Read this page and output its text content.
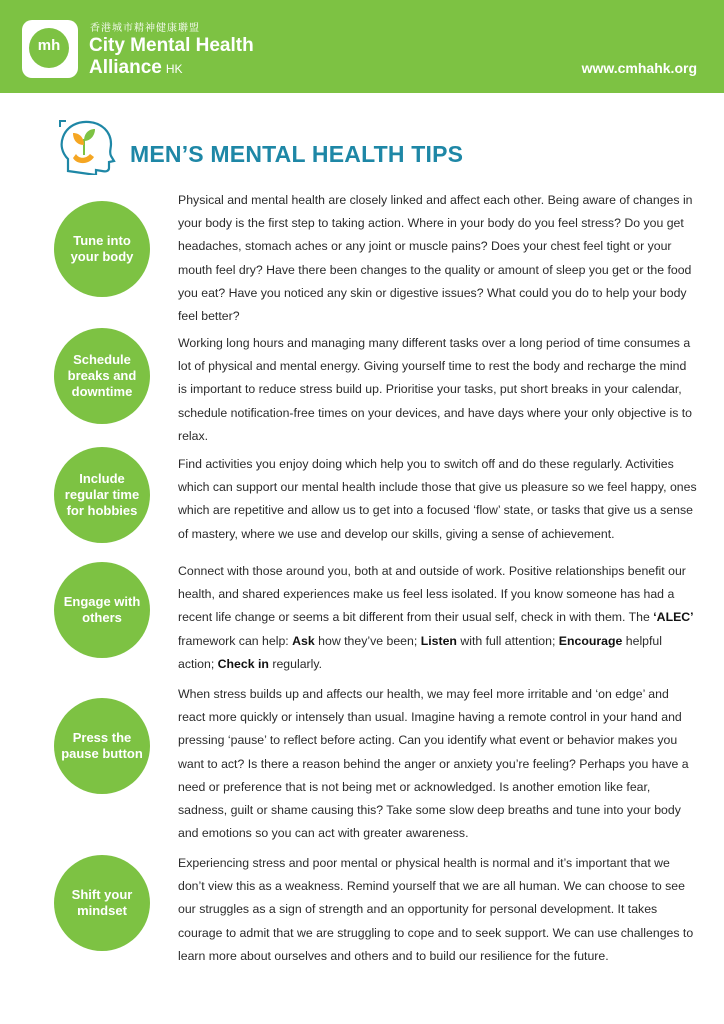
mh
香港城市精神健康聯盟
City Mental Health
Alliance HK	www.cmhahk.org
MEN’S MENTAL HEALTH TIPS
Tune into
your body

Physical and mental health are closely linked and affect each other. Being aware of changes in your body is the first step to taking action. Where in your body do you feel stress? Do you get headaches, stomach aches or any joint or muscle pains? Does your chest feel tight or your mouth feel dry? Have there been changes to the quality or amount of sleep you get or the food you eat? Have you noticed any skin or digestive issues? What could you do to help your body feel better?

Schedule
breaks and
downtime

Working long hours and managing many different tasks over a long period of time consumes a lot of physical and mental energy. Giving yourself time to rest the body and recharge the mind is important to reduce stress build up. Prioritise your tasks, put short breaks in your calendar, schedule notification-free times on your devices, and have days where your only objective is to relax.

Include
regular time
for hobbies

Find activities you enjoy doing which help you to switch off and do these regularly. Activities which can support our mental health include those that give us pleasure so we feel happy, ones which are repetitive and allow us to get into a focused ‘flow’ state, or tasks that give us a sense of mastery, where we use and develop our skills, giving a sense of achievement.

Engage with
others

Connect with those around you, both at and outside of work. Positive relationships benefit our health, and shared experiences make us feel less isolated. If you know someone has had a recent life change or seems a bit different from their usual self, check in with them. The ‘ALEC’ framework can help: Ask how they’ve been; Listen with full attention; Encourage helpful action; Check in regularly.

Press the
pause button

When stress builds up and affects our health, we may feel more irritable and ‘on edge’ and react more quickly or intensely than usual. Imagine having a remote control in your hand and pressing ‘pause’ to reflect before acting. Can you identify what event or behavior makes you want to act? Is there a reason behind the anger or anxiety you’re feeling? Perhaps you have a need or preference that is not being met or acknowledged. Is another emotion like fear, sadness, guilt or shame causing this? Take some slow deep breaths and tune into your body and emotions so you can act with greater awareness.

Shift your
mindset

Experiencing stress and poor mental or physical health is normal and it’s important that we don’t view this as a weakness. Remind yourself that we are all human. We can choose to see our struggles as a sign of strength and an opportunity for personal development. It takes courage to admit that we are struggling to cope and to seek support. We can use challenges to learn more about ourselves and others and to build our resilience for the future.
